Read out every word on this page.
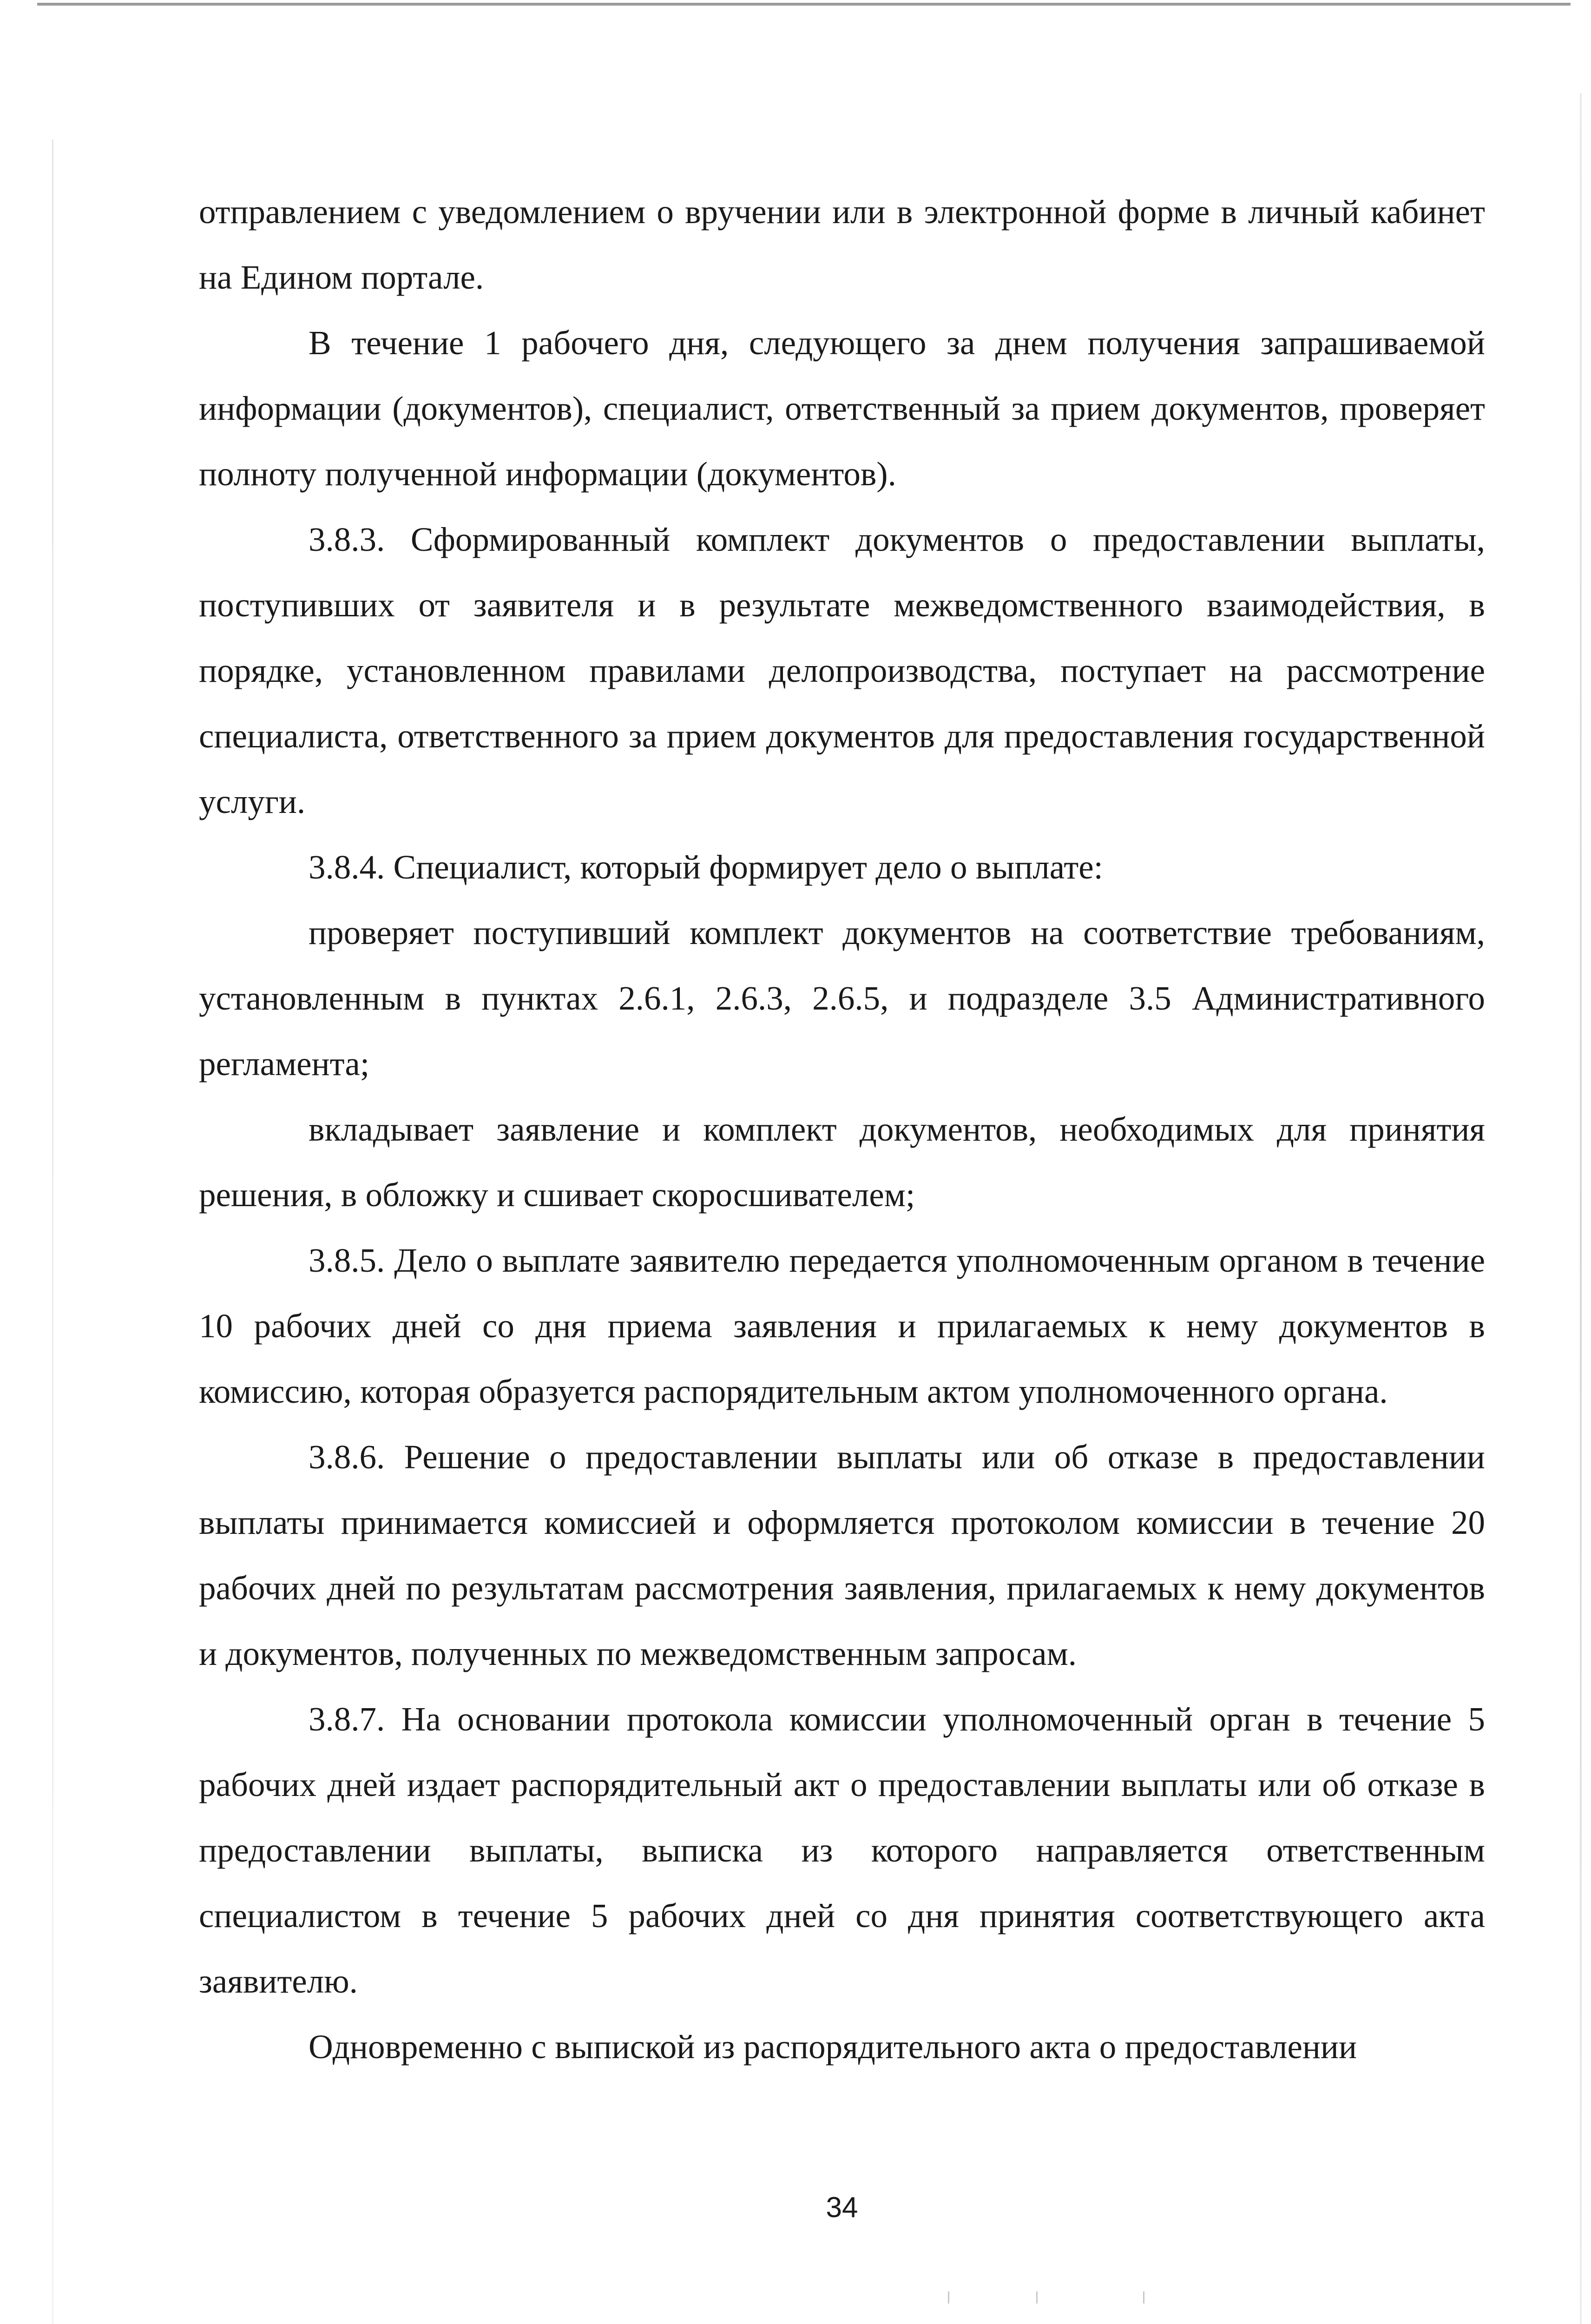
отправлением с уведомлением о вручении или в электронной форме в личный кабинет на Едином портале.

В течение 1 рабочего дня, следующего за днем получения запрашиваемой информации (документов), специалист, ответственный за прием документов, проверяет полноту полученной информации (документов).

3.8.3. Сформированный комплект документов о предоставлении выплаты, поступивших от заявителя и в результате межведомственного взаимодействия, в порядке, установленном правилами делопроизводства, поступает на рассмотрение специалиста, ответственного за прием документов для предоставления государственной услуги.

3.8.4. Специалист, который формирует дело о выплате:

проверяет поступивший комплект документов на соответствие требованиям, установленным в пунктах 2.6.1, 2.6.3, 2.6.5, и подразделе 3.5 Административного регламента;

вкладывает заявление и комплект документов, необходимых для принятия решения, в обложку и сшивает скоросшивателем;

3.8.5. Дело о выплате заявителю передается уполномоченным органом в течение 10 рабочих дней со дня приема заявления и прилагаемых к нему документов в комиссию, которая образуется распорядительным актом уполномоченного органа.

3.8.6. Решение о предоставлении выплаты или об отказе в предоставлении выплаты принимается комиссией и оформляется протоколом комиссии в течение 20 рабочих дней по результатам рассмотрения заявления, прилагаемых к нему документов и документов, полученных по межведомственным запросам.

3.8.7. На основании протокола комиссии уполномоченный орган в течение 5 рабочих дней издает распорядительный акт о предоставлении выплаты или об отказе в предоставлении выплаты, выписка из которого направляется ответственным специалистом в течение 5 рабочих дней со дня принятия соответствующего акта заявителю.

Одновременно с выпиской из распорядительного акта о предоставлении

34
